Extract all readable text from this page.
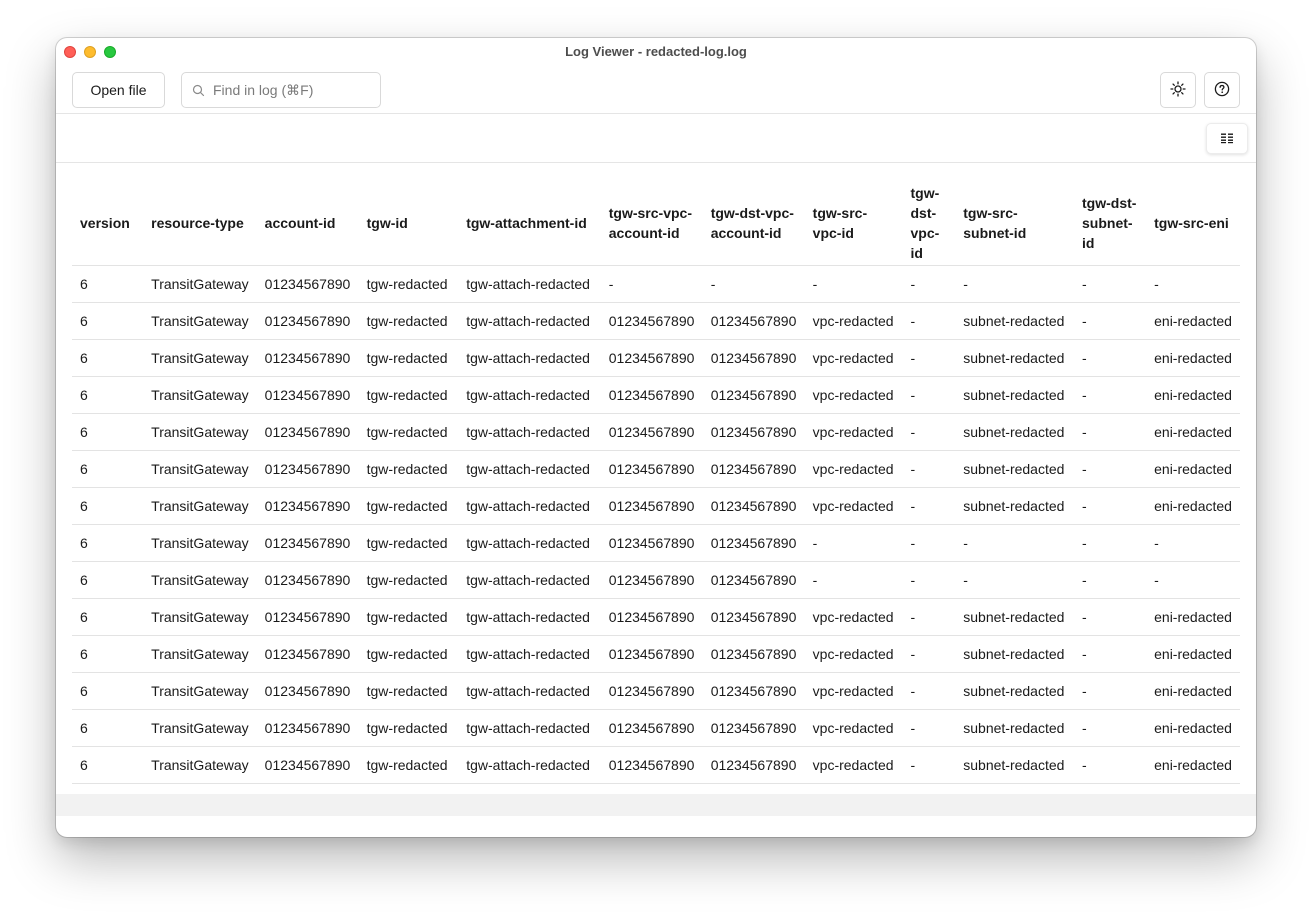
Log Viewer - redacted-log.log
Open file
Find in log (⌘F)
version	resource-type	account-id	tgw-id	tgw-attachment-id	tgw-src-vpc-account-id	tgw-dst-vpc-account-id	tgw-src-vpc-id	tgw-dst-vpc-id	tgw-src-subnet-id	tgw-dst-subnet-id	tgw-src-eni
6	TransitGateway	01234567890	tgw-redacted	tgw-attach-redacted	-	-	-	-	-	-	-
6	TransitGateway	01234567890	tgw-redacted	tgw-attach-redacted	01234567890	01234567890	vpc-redacted	-	subnet-redacted	-	eni-redacted
6	TransitGateway	01234567890	tgw-redacted	tgw-attach-redacted	01234567890	01234567890	vpc-redacted	-	subnet-redacted	-	eni-redacted
6	TransitGateway	01234567890	tgw-redacted	tgw-attach-redacted	01234567890	01234567890	vpc-redacted	-	subnet-redacted	-	eni-redacted
6	TransitGateway	01234567890	tgw-redacted	tgw-attach-redacted	01234567890	01234567890	vpc-redacted	-	subnet-redacted	-	eni-redacted
6	TransitGateway	01234567890	tgw-redacted	tgw-attach-redacted	01234567890	01234567890	vpc-redacted	-	subnet-redacted	-	eni-redacted
6	TransitGateway	01234567890	tgw-redacted	tgw-attach-redacted	01234567890	01234567890	vpc-redacted	-	subnet-redacted	-	eni-redacted
6	TransitGateway	01234567890	tgw-redacted	tgw-attach-redacted	01234567890	01234567890	-	-	-	-	-
6	TransitGateway	01234567890	tgw-redacted	tgw-attach-redacted	01234567890	01234567890	-	-	-	-	-
6	TransitGateway	01234567890	tgw-redacted	tgw-attach-redacted	01234567890	01234567890	vpc-redacted	-	subnet-redacted	-	eni-redacted
6	TransitGateway	01234567890	tgw-redacted	tgw-attach-redacted	01234567890	01234567890	vpc-redacted	-	subnet-redacted	-	eni-redacted
6	TransitGateway	01234567890	tgw-redacted	tgw-attach-redacted	01234567890	01234567890	vpc-redacted	-	subnet-redacted	-	eni-redacted
6	TransitGateway	01234567890	tgw-redacted	tgw-attach-redacted	01234567890	01234567890	vpc-redacted	-	subnet-redacted	-	eni-redacted
6	TransitGateway	01234567890	tgw-redacted	tgw-attach-redacted	01234567890	01234567890	vpc-redacted	-	subnet-redacted	-	eni-redacted
